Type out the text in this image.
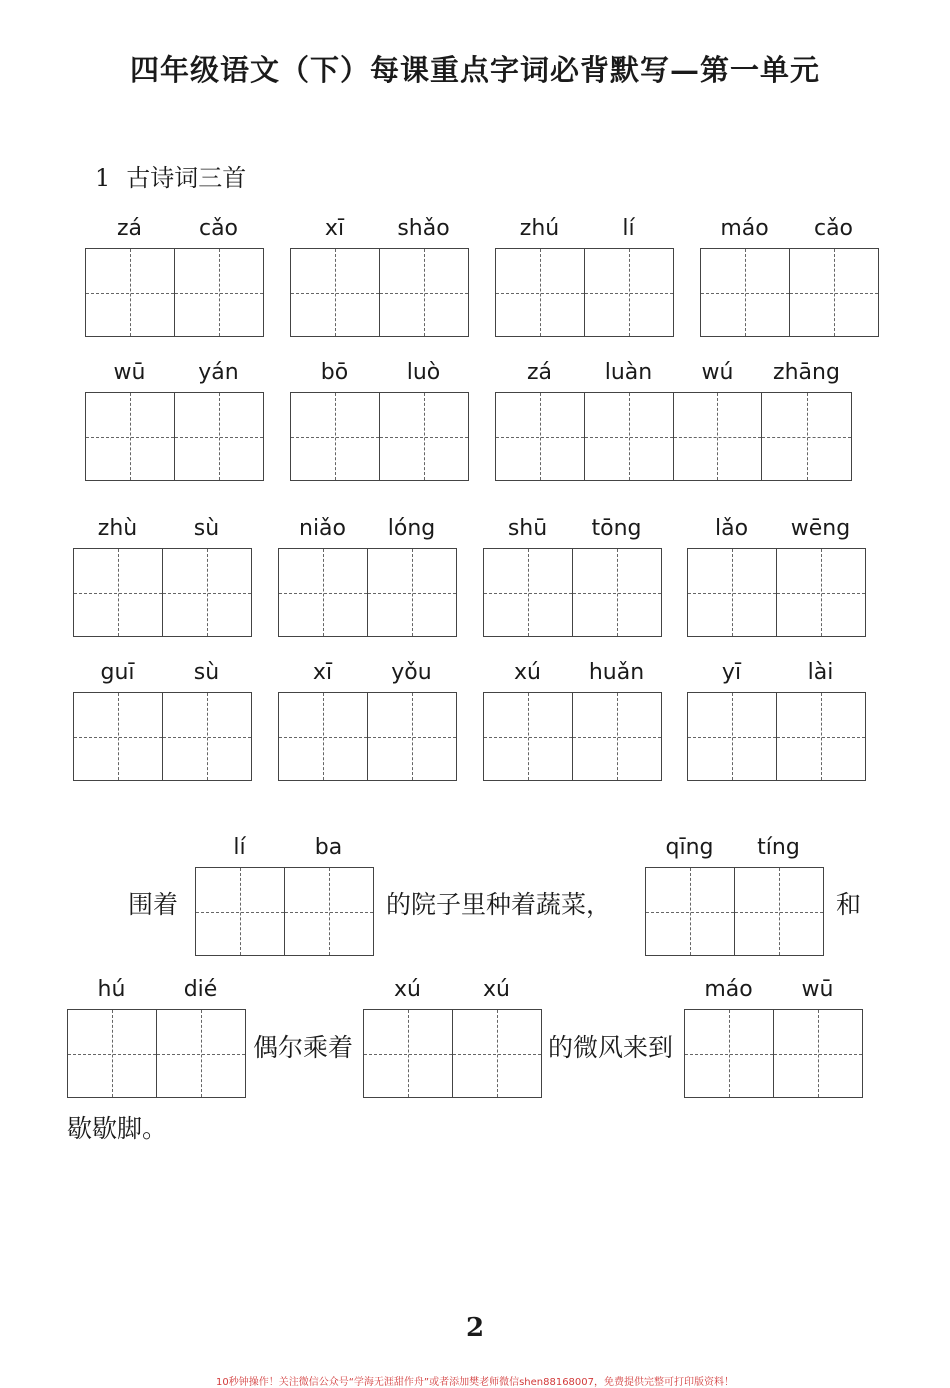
四年级语文（下）每课重点字词必背默写—第一单元
1 古诗词三首
zá	cǎo	xī	shǎo	zhú	lí	máo	cǎo
wū	yán	bō	luò	zá	luàn	wú	zhāng
zhù	sù	niǎo	lóng	shū	tōng	lǎo	wēng
guī	sù	xī	yǒu	xú	huǎn	yī	lài
围着
lí	ba
的院子里种着蔬菜，
qīng	tíng
和
hú	dié
偶尔乘着
xú	xú
的微风来到
máo	wū
歇歇脚。
2
10秒钟操作！关注微信公众号“学海无涯甜作舟”或者添加樊老师微信shen88168007，免费提供完整可打印版资料！
